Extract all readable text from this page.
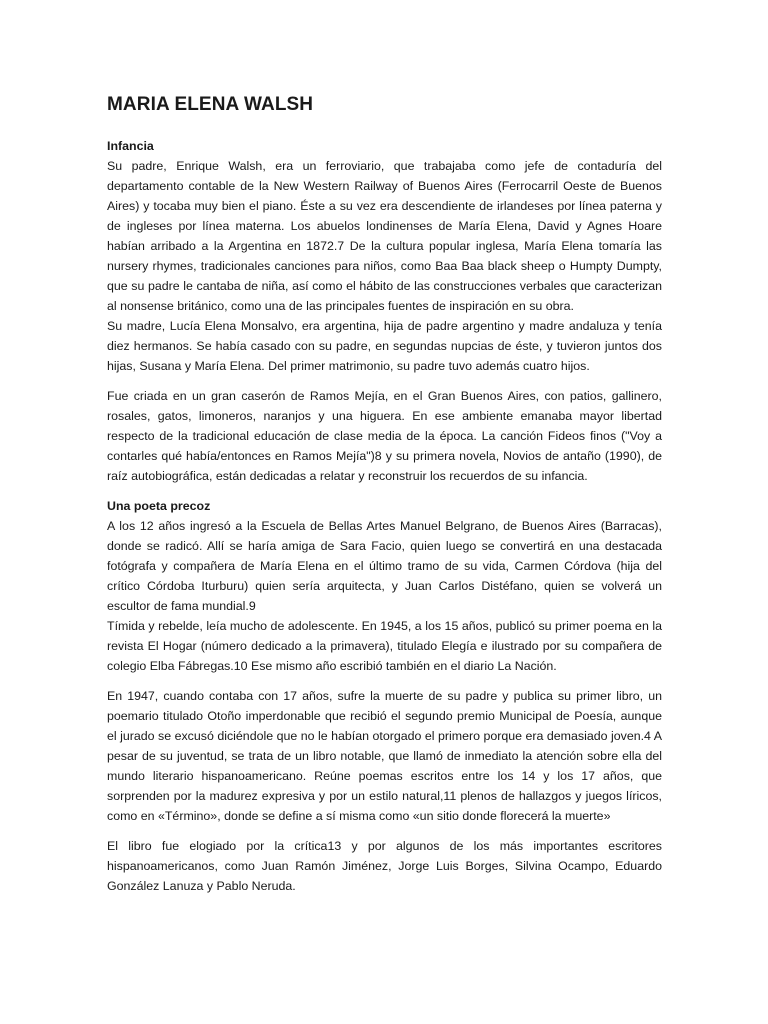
MARIA ELENA WALSH
Infancia

Su padre, Enrique Walsh, era un ferroviario, que trabajaba como jefe de contaduría del departamento contable de la New Western Railway of Buenos Aires (Ferrocarril Oeste de Buenos Aires) y tocaba muy bien el piano. Éste a su vez era descendiente de irlandeses por línea paterna y de ingleses por línea materna. Los abuelos londinenses de María Elena, David y Agnes Hoare habían arribado a la Argentina en 1872.7 De la cultura popular inglesa, María Elena tomaría las nursery rhymes, tradicionales canciones para niños, como Baa Baa black sheep o Humpty Dumpty, que su padre le cantaba de niña, así como el hábito de las construcciones verbales que caracterizan al nonsense británico, como una de las principales fuentes de inspiración en su obra.

Su madre, Lucía Elena Monsalvo, era argentina, hija de padre argentino y madre andaluza y tenía diez hermanos. Se había casado con su padre, en segundas nupcias de éste, y tuvieron juntos dos hijas, Susana y María Elena. Del primer matrimonio, su padre tuvo además cuatro hijos.

Fue criada en un gran caserón de Ramos Mejía, en el Gran Buenos Aires, con patios, gallinero, rosales, gatos, limoneros, naranjos y una higuera. En ese ambiente emanaba mayor libertad respecto de la tradicional educación de clase media de la época. La canción Fideos finos ("Voy a contarles qué había/entonces en Ramos Mejía")8 y su primera novela, Novios de antaño (1990), de raíz autobiográfica, están dedicadas a relatar y reconstruir los recuerdos de su infancia.

Una poeta precoz

A los 12 años ingresó a la Escuela de Bellas Artes Manuel Belgrano, de Buenos Aires (Barracas), donde se radicó. Allí se haría amiga de Sara Facio, quien luego se convertirá en una destacada fotógrafa y compañera de María Elena en el último tramo de su vida, Carmen Córdova (hija del crítico Córdoba Iturburu) quien sería arquitecta, y Juan Carlos Distéfano, quien se volverá un escultor de fama mundial.9

Tímida y rebelde, leía mucho de adolescente. En 1945, a los 15 años, publicó su primer poema en la revista El Hogar (número dedicado a la primavera), titulado Elegía e ilustrado por su compañera de colegio Elba Fábregas.10 Ese mismo año escribió también en el diario La Nación.

En 1947, cuando contaba con 17 años, sufre la muerte de su padre y publica su primer libro, un poemario titulado Otoño imperdonable que recibió el segundo premio Municipal de Poesía, aunque el jurado se excusó diciéndole que no le habían otorgado el primero porque era demasiado joven.4 A pesar de su juventud, se trata de un libro notable, que llamó de inmediato la atención sobre ella del mundo literario hispanoamericano. Reúne poemas escritos entre los 14 y los 17 años, que sorprenden por la madurez expresiva y por un estilo natural,11 plenos de hallazgos y juegos líricos, como en «Término», donde se define a sí misma como «un sitio donde florecerá la muerte»

El libro fue elogiado por la crítica13 y por algunos de los más importantes escritores hispanoamericanos, como Juan Ramón Jiménez, Jorge Luis Borges, Silvina Ocampo, Eduardo González Lanuza y Pablo Neruda.
